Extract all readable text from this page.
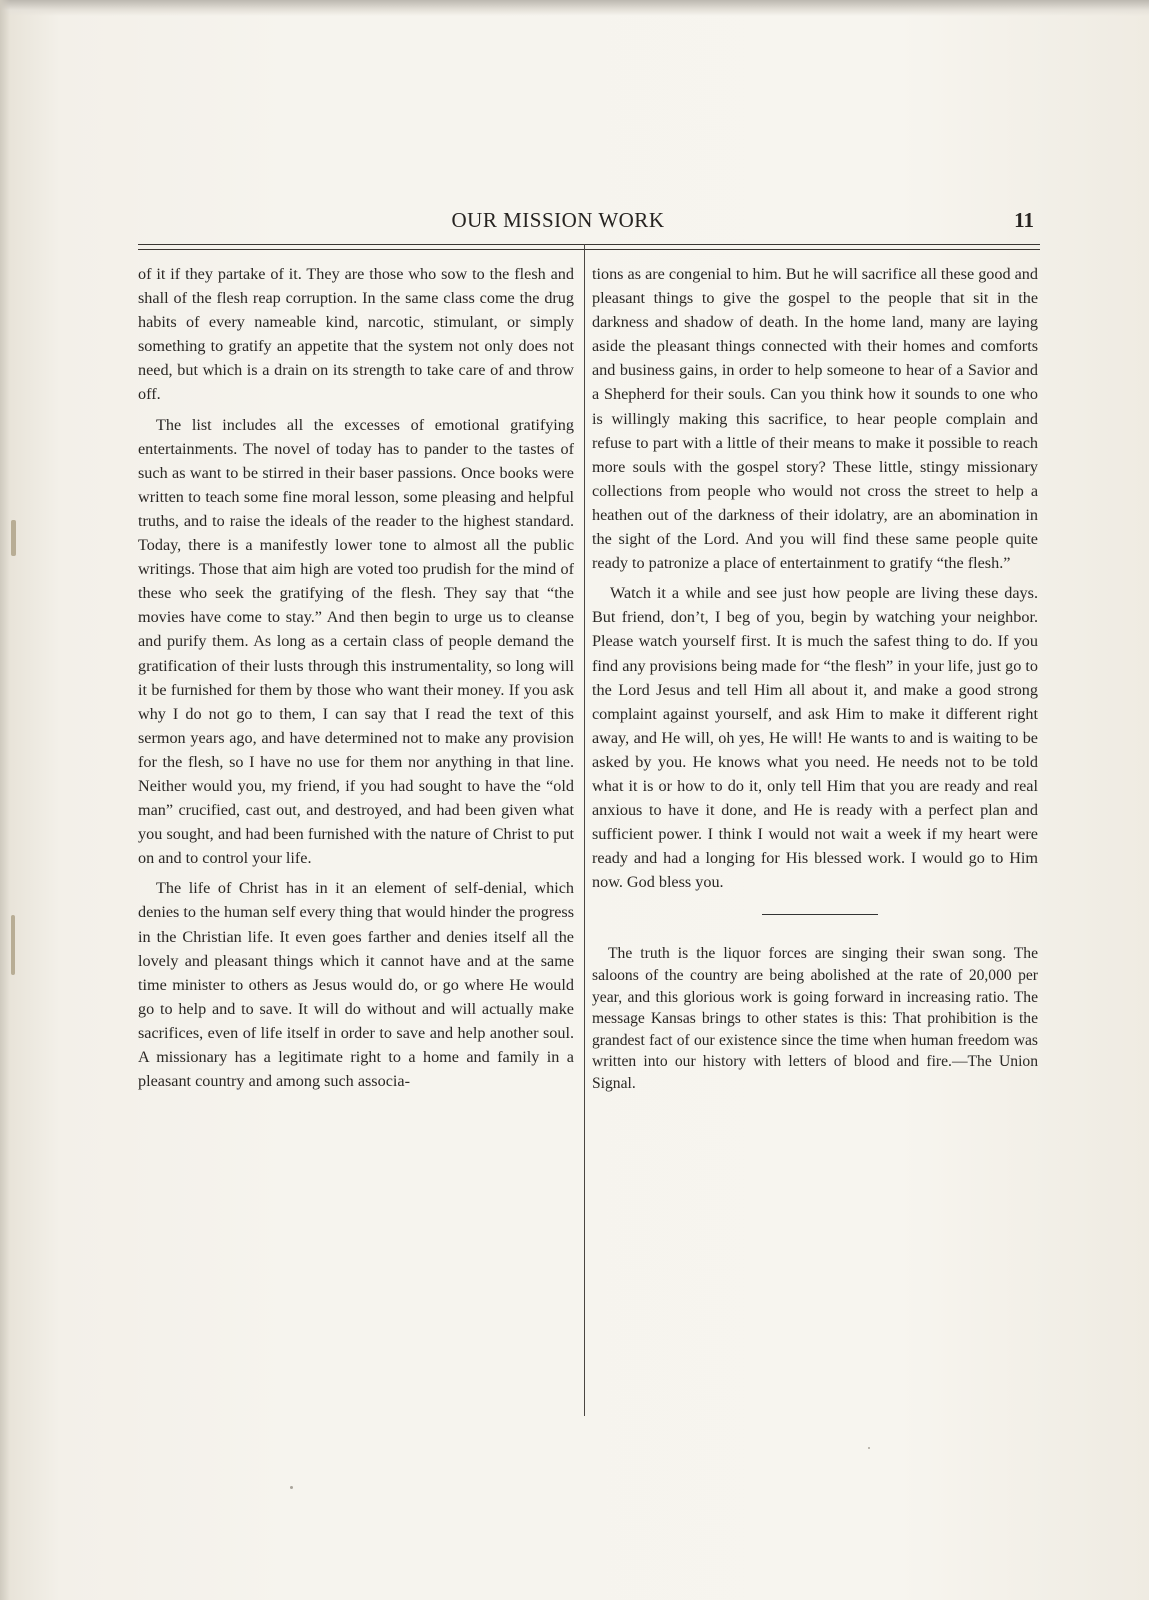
OUR MISSION WORK	11

of it if they partake of it. They are those who sow to the flesh and shall of the flesh reap corruption. In the same class come the drug habits of every nameable kind, narcotic, stimulant, or simply something to gratify an appetite that the system not only does not need, but which is a drain on its strength to take care of and throw off.

The list includes all the excesses of emotional gratifying entertainments. The novel of today has to pander to the tastes of such as want to be stirred in their baser passions. Once books were written to teach some fine moral lesson, some pleasing and helpful truths, and to raise the ideals of the reader to the highest standard. Today, there is a manifestly lower tone to almost all the public writings. Those that aim high are voted too prudish for the mind of these who seek the gratifying of the flesh. They say that “the movies have come to stay.” And then begin to urge us to cleanse and purify them. As long as a certain class of people demand the gratification of their lusts through this instrumentality, so long will it be furnished for them by those who want their money. If you ask why I do not go to them, I can say that I read the text of this sermon years ago, and have determined not to make any provision for the flesh, so I have no use for them nor anything in that line. Neither would you, my friend, if you had sought to have the “old man” crucified, cast out, and destroyed, and had been given what you sought, and had been furnished with the nature of Christ to put on and to control your life.

The life of Christ has in it an element of self-denial, which denies to the human self every thing that would hinder the progress in the Christian life. It even goes farther and denies itself all the lovely and pleasant things which it cannot have and at the same time minister to others as Jesus would do, or go where He would go to help and to save. It will do without and will actually make sacrifices, even of life itself in order to save and help another soul. A missionary has a legitimate right to a home and family in a pleasant country and among such associa-

tions as are congenial to him. But he will sacrifice all these good and pleasant things to give the gospel to the people that sit in the darkness and shadow of death. In the home land, many are laying aside the pleasant things connected with their homes and comforts and business gains, in order to help someone to hear of a Savior and a Shepherd for their souls. Can you think how it sounds to one who is willingly making this sacrifice, to hear people complain and refuse to part with a little of their means to make it possible to reach more souls with the gospel story? These little, stingy missionary collections from people who would not cross the street to help a heathen out of the darkness of their idolatry, are an abomination in the sight of the Lord. And you will find these same people quite ready to patronize a place of entertainment to gratify “the flesh.”

Watch it a while and see just how people are living these days. But friend, don’t, I beg of you, begin by watching your neighbor. Please watch yourself first. It is much the safest thing to do. If you find any provisions being made for “the flesh” in your life, just go to the Lord Jesus and tell Him all about it, and make a good strong complaint against yourself, and ask Him to make it different right away, and He will, oh yes, He will! He wants to and is waiting to be asked by you. He knows what you need. He needs not to be told what it is or how to do it, only tell Him that you are ready and real anxious to have it done, and He is ready with a perfect plan and sufficient power. I think I would not wait a week if my heart were ready and had a longing for His blessed work. I would go to Him now. God bless you.

The truth is the liquor forces are singing their swan song. The saloons of the country are being abolished at the rate of 20,000 per year, and this glorious work is going forward in increasing ratio. The message Kansas brings to other states is this: That prohibition is the grandest fact of our existence since the time when human freedom was written into our history with letters of blood and fire.—The Union Signal.
